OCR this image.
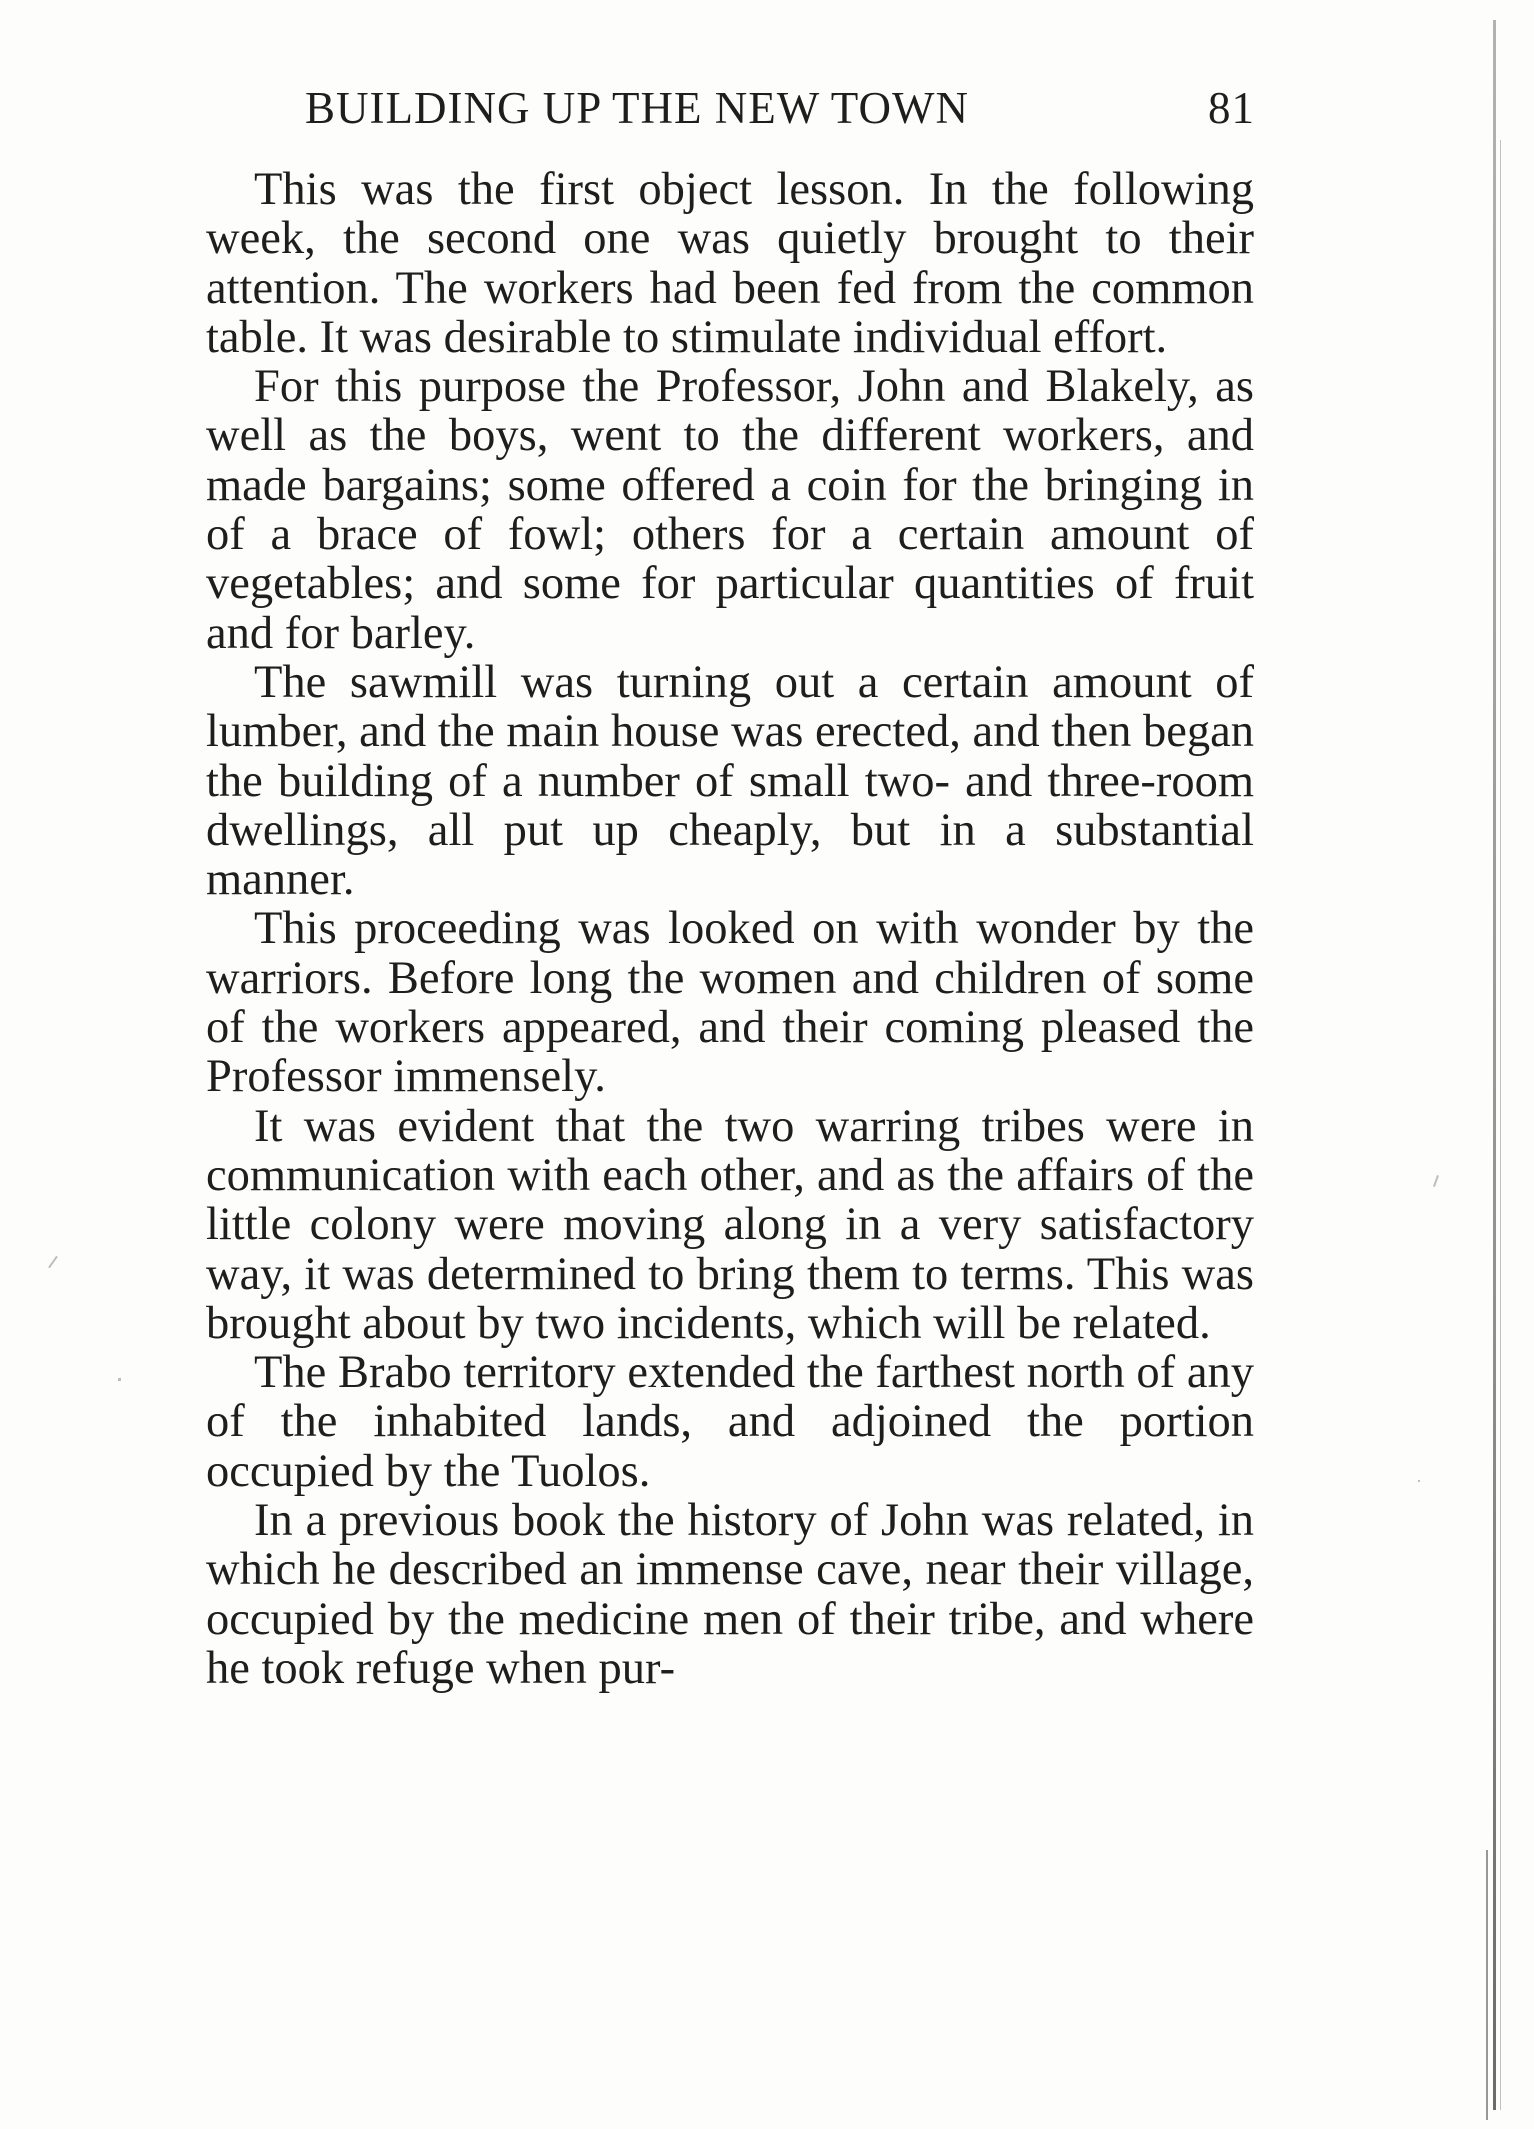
BUILDING UP THE NEW TOWN	81

This was the first object lesson. In the following week, the second one was quietly brought to their attention. The workers had been fed from the common table. It was desirable to stimulate individual effort.

For this purpose the Professor, John and Blakely, as well as the boys, went to the different workers, and made bargains; some offered a coin for the bringing in of a brace of fowl; others for a certain amount of vegetables; and some for particular quantities of fruit and for barley.

The sawmill was turning out a certain amount of lumber, and the main house was erected, and then began the building of a number of small two- and three-room dwellings, all put up cheaply, but in a substantial manner.

This proceeding was looked on with wonder by the warriors. Before long the women and children of some of the workers appeared, and their coming pleased the Professor immensely.

It was evident that the two warring tribes were in communication with each other, and as the affairs of the little colony were moving along in a very satisfactory way, it was determined to bring them to terms. This was brought about by two incidents, which will be related.

The Brabo territory extended the farthest north of any of the inhabited lands, and adjoined the portion occupied by the Tuolos.

In a previous book the history of John was related, in which he described an immense cave, near their village, occupied by the medicine men of their tribe, and where he took refuge when pur-
